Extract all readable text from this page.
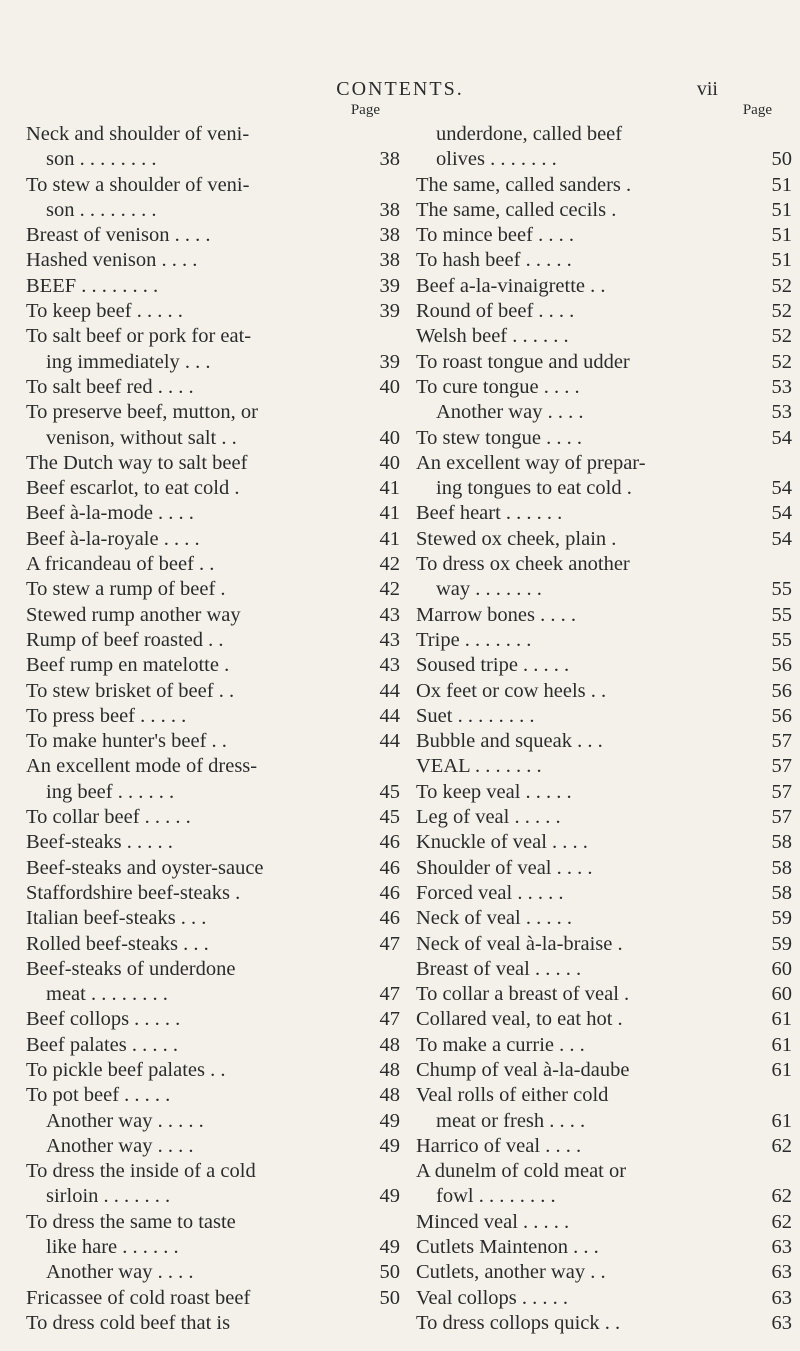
CONTENTS.	vii
Page
Neck and shoulder of veni-
son . . . . . . . .	38
To stew a shoulder of veni-
son . . . . . . . .	38
Breast of venison . . . .	38
Hashed venison . . . .	38
BEEF . . . . . . . .	39
To keep beef . . . . .	39
To salt beef or pork for eat-
ing immediately . . .	39
To salt beef red . . . .	40
To preserve beef, mutton, or
venison, without salt . .	40
The Dutch way to salt beef	40
Beef escarlot, to eat cold .	41
Beef à-la-mode . . . .	41
Beef à-la-royale . . . .	41
A fricandeau of beef . .	42
To stew a rump of beef .	42
Stewed rump another way	43
Rump of beef roasted . .	43
Beef rump en matelotte .	43
To stew brisket of beef . .	44
To press beef . . . . .	44
To make hunter's beef . .	44
An excellent mode of dress-
ing beef . . . . . .	45
To collar beef . . . . .	45
Beef-steaks . . . . .	46
Beef-steaks and oyster-sauce	46
Staffordshire beef-steaks .	46
Italian beef-steaks . . .	46
Rolled beef-steaks . . .	47
Beef-steaks of underdone
meat . . . . . . . .	47
Beef collops . . . . .	47
Beef palates . . . . .	48
To pickle beef palates . .	48
To pot beef . . . . .	48
Another way . . . . .	49
Another way . . . .	49
To dress the inside of a cold
sirloin . . . . . . .	49
To dress the same to taste
like hare . . . . . .	49
Another way . . . .	50
Fricassee of cold roast beef	50
To dress cold beef that is
Page
underdone, called beef
olives . . . . . . .	50
The same, called sanders .	51
The same, called cecils .	51
To mince beef . . . .	51
To hash beef . . . . .	51
Beef a-la-vinaigrette . .	52
Round of beef . . . .	52
Welsh beef . . . . . .	52
To roast tongue and udder	52
To cure tongue . . . .	53
Another way . . . .	53
To stew tongue . . . .	54
An excellent way of prepar-
ing tongues to eat cold .	54
Beef heart . . . . . .	54
Stewed ox cheek, plain .	54
To dress ox cheek another
way . . . . . . .	55
Marrow bones . . . .	55
Tripe . . . . . . .	55
Soused tripe . . . . .	56
Ox feet or cow heels . .	56
Suet . . . . . . . .	56
Bubble and squeak . . .	57
VEAL . . . . . . .	57
To keep veal . . . . .	57
Leg of veal . . . . .	57
Knuckle of veal . . . .	58
Shoulder of veal . . . .	58
Forced veal . . . . .	58
Neck of veal . . . . .	59
Neck of veal à-la-braise .	59
Breast of veal . . . . .	60
To collar a breast of veal .	60
Collared veal, to eat hot .	61
To make a currie . . .	61
Chump of veal à-la-daube	61
Veal rolls of either cold
meat or fresh . . . .	61
Harrico of veal . . . .	62
A dunelm of cold meat or
fowl . . . . . . . .	62
Minced veal . . . . .	62
Cutlets Maintenon . . .	63
Cutlets, another way . .	63
Veal collops . . . . .	63
To dress collops quick . .	63
